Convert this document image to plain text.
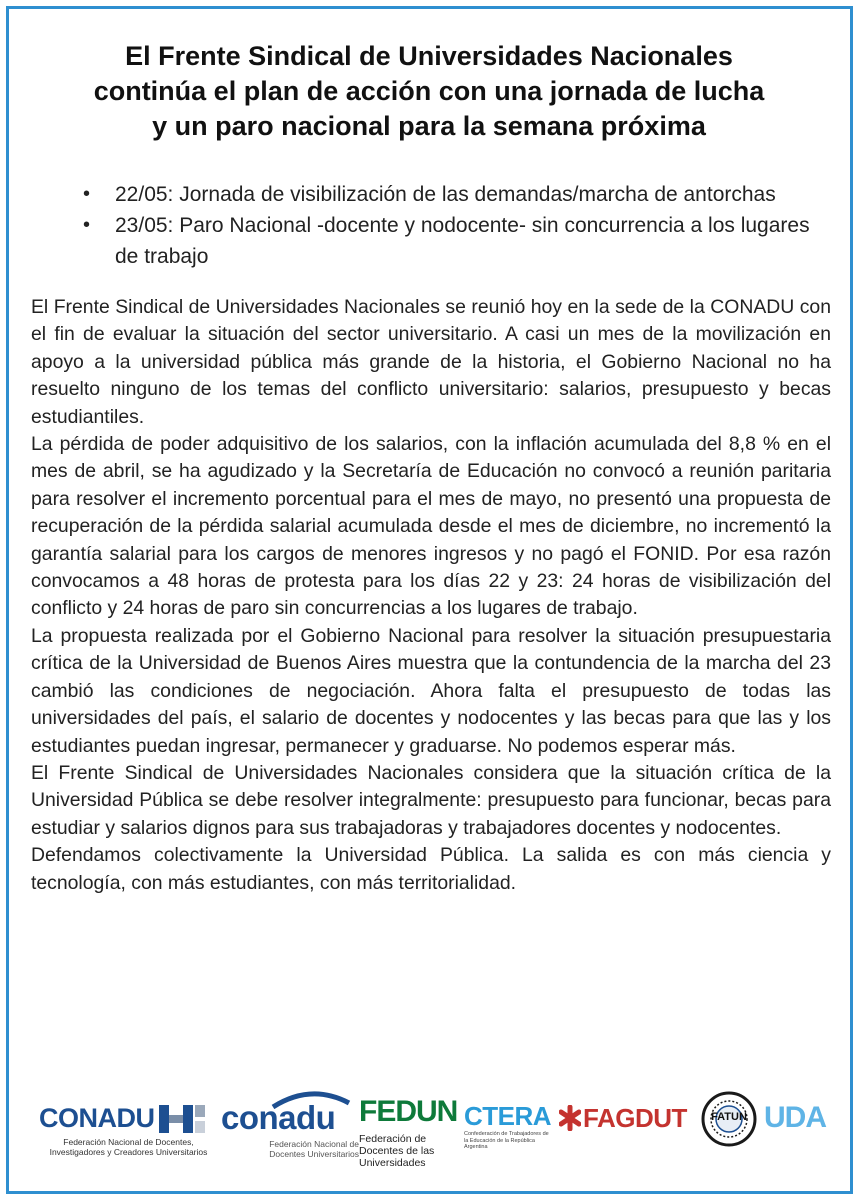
El Frente Sindical de Universidades Nacionales
continúa el plan de acción con una jornada de lucha
y un paro nacional para la semana próxima
• 22/05: Jornada de visibilización de las demandas/marcha de antorchas
• 23/05: Paro Nacional -docente y nodocente- sin concurrencia a los lugares de trabajo

El Frente Sindical de Universidades Nacionales se reunió hoy en la sede de la CONADU con el fin de evaluar la situación del sector universitario. A casi un mes de la movilización en apoyo a la universidad pública más grande de la historia, el Gobierno Nacional no ha resuelto ninguno de los temas del conflicto universitario: salarios, presupuesto y becas estudiantiles.

La pérdida de poder adquisitivo de los salarios, con la inflación acumulada del 8,8 % en el mes de abril, se ha agudizado y la Secretaría de Educación no convocó a reunión paritaria para resolver el incremento porcentual para el mes de mayo, no presentó una propuesta de recuperación de la pérdida salarial acumulada desde el mes de diciembre, no incrementó la garantía salarial para los cargos de menores ingresos y no pagó el FONID. Por esa razón convocamos a 48 horas de protesta para los días 22 y 23: 24 horas de visibilización del conflicto y 24 horas de paro sin concurrencias a los lugares de trabajo.

La propuesta realizada por el Gobierno Nacional para resolver la situación presupuestaria crítica de la Universidad de Buenos Aires muestra que la contundencia de la marcha del 23 cambió las condiciones de negociación. Ahora falta el presupuesto de todas las universidades del país, el salario de docentes y nodocentes y las becas para que las y los estudiantes puedan ingresar, permanecer y graduarse. No podemos esperar más.

El Frente Sindical de Universidades Nacionales considera que la situación crítica de la Universidad Pública se debe resolver integralmente: presupuesto para funcionar, becas para estudiar y salarios dignos para sus trabajadoras y trabajadores docentes y nodocentes.

Defendamos colectivamente la Universidad Pública. La salida es con más ciencia y tecnología, con más estudiantes, con más territorialidad.

CONADU
Federación Nacional de Docentes, Investigadores y Creadores Universitarios
conadu
Federación Nacional de Docentes Universitarios
FEDUN
Federación de Docentes de las Universidades
CTERA
Confederación de Trabajadores de la Educación de la República Argentina
FAGDUT	FATUN UDA
